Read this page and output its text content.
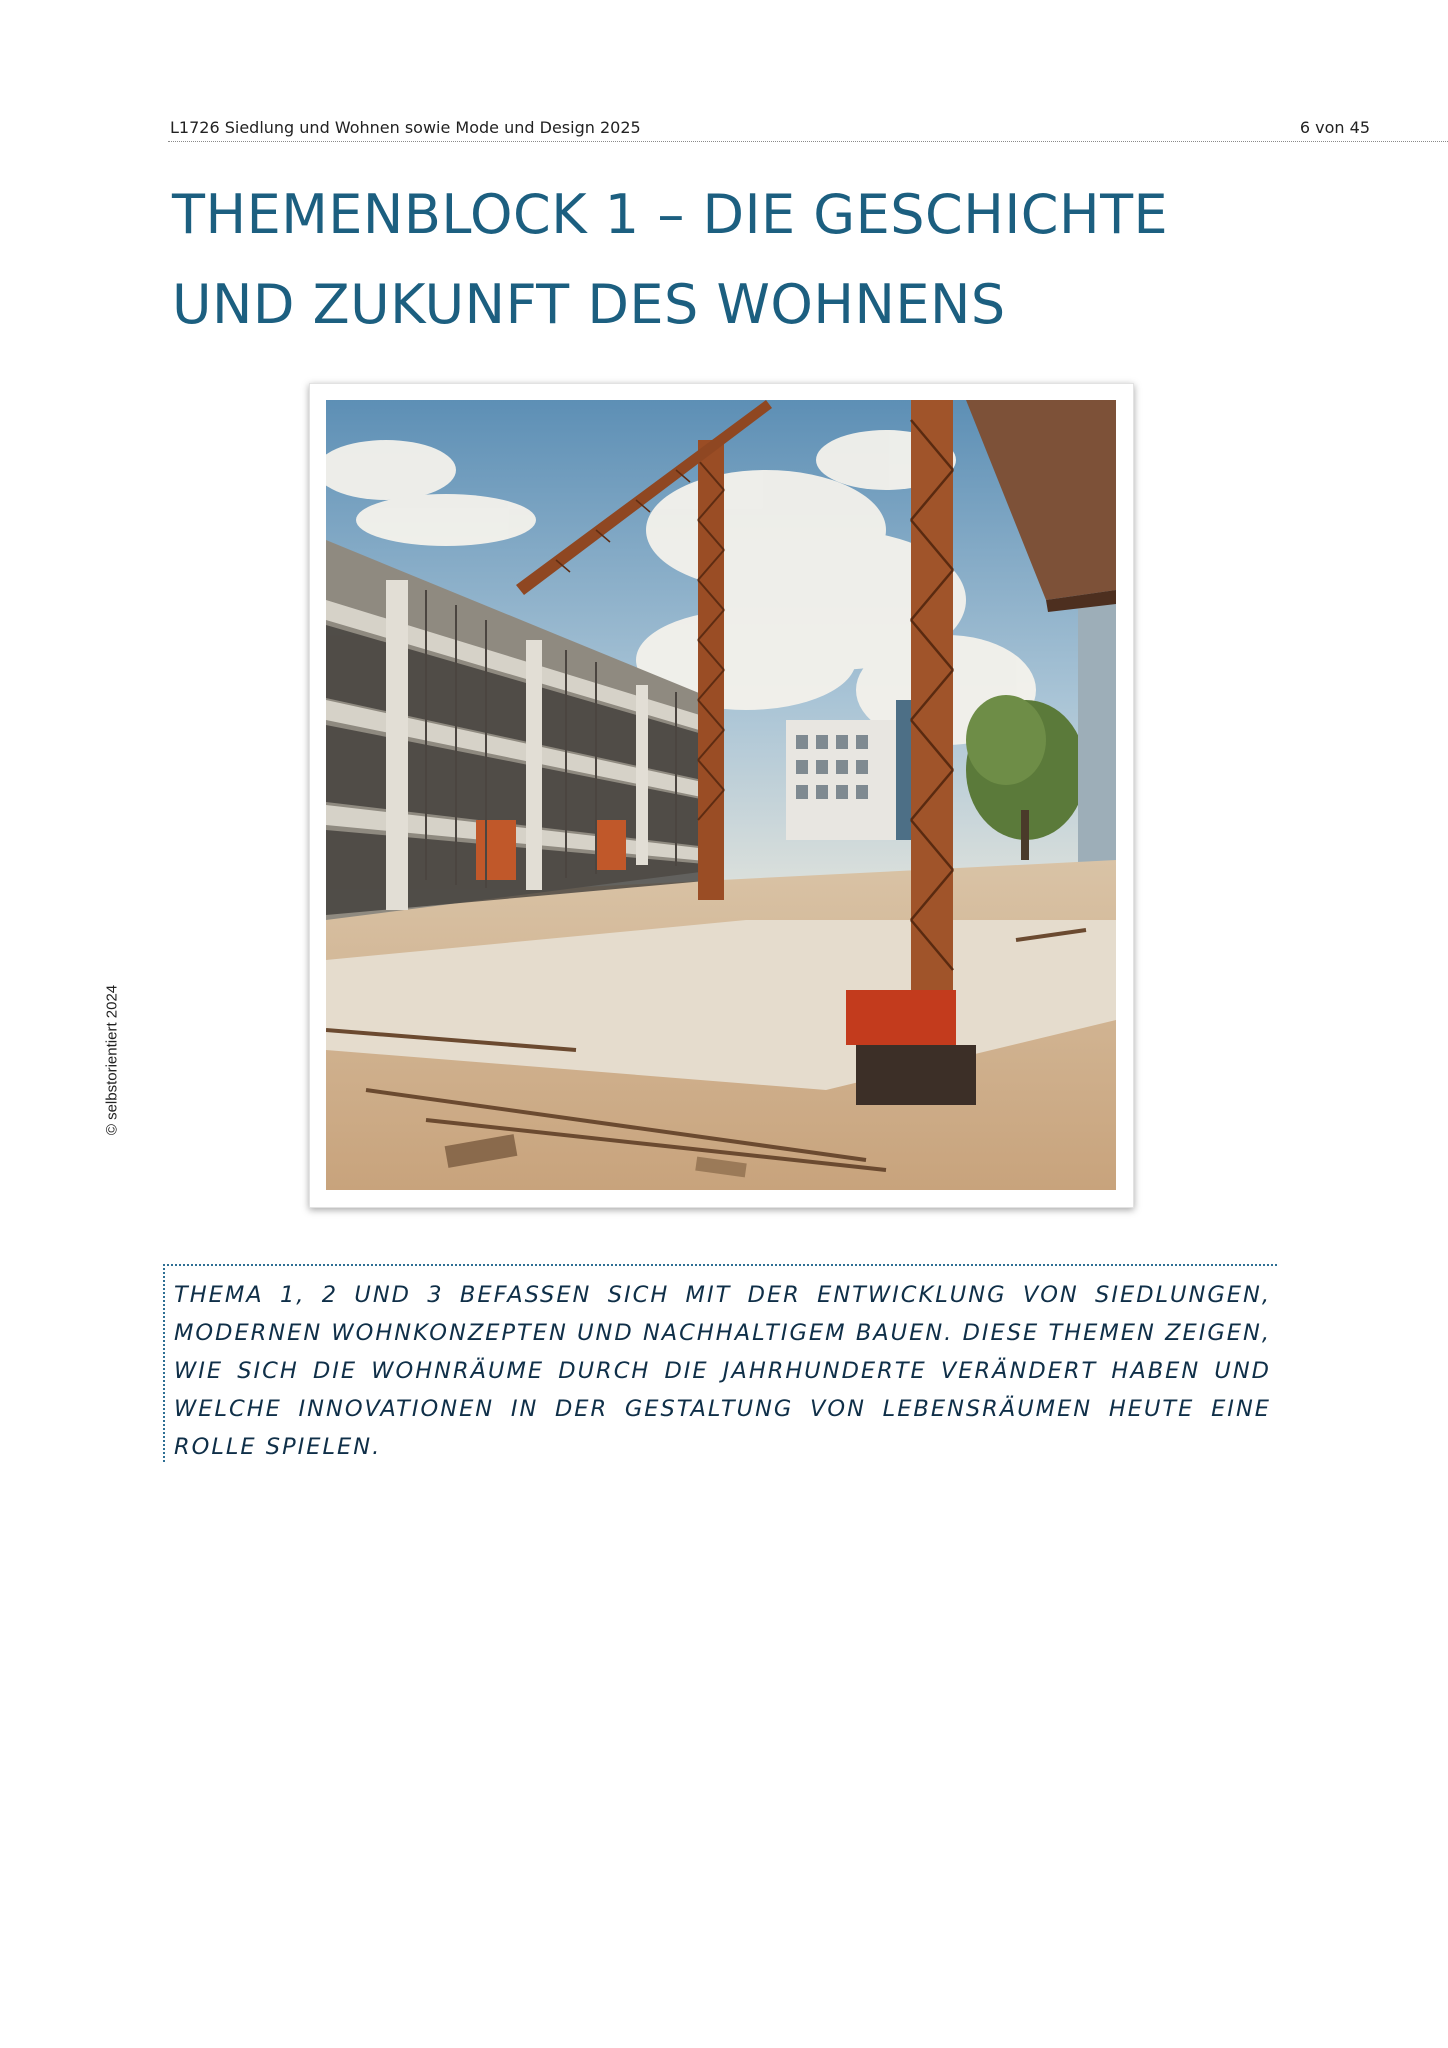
L1726 Siedlung und Wohnen sowie Mode und Design 2025	6 von 45
THEMENBLOCK 1 – DIE GESCHICHTE
UND ZUKUNFT DES WOHNENS
© selbstorientiert 2024

THEMA 1, 2 UND 3 BEFASSEN SICH MIT DER ENTWICKLUNG VON SIEDLUNGEN, MODERNEN WOHNKONZEPTEN UND NACHHALTIGEM BAUEN. DIESE THEMEN ZEIGEN, WIE SICH DIE WOHNRÄUME DURCH DIE JAHRHUNDERTE VERÄNDERT HABEN UND WELCHE INNOVATIONEN IN DER GESTALTUNG VON LEBENSRÄUMEN HEUTE EINE ROLLE SPIELEN.
